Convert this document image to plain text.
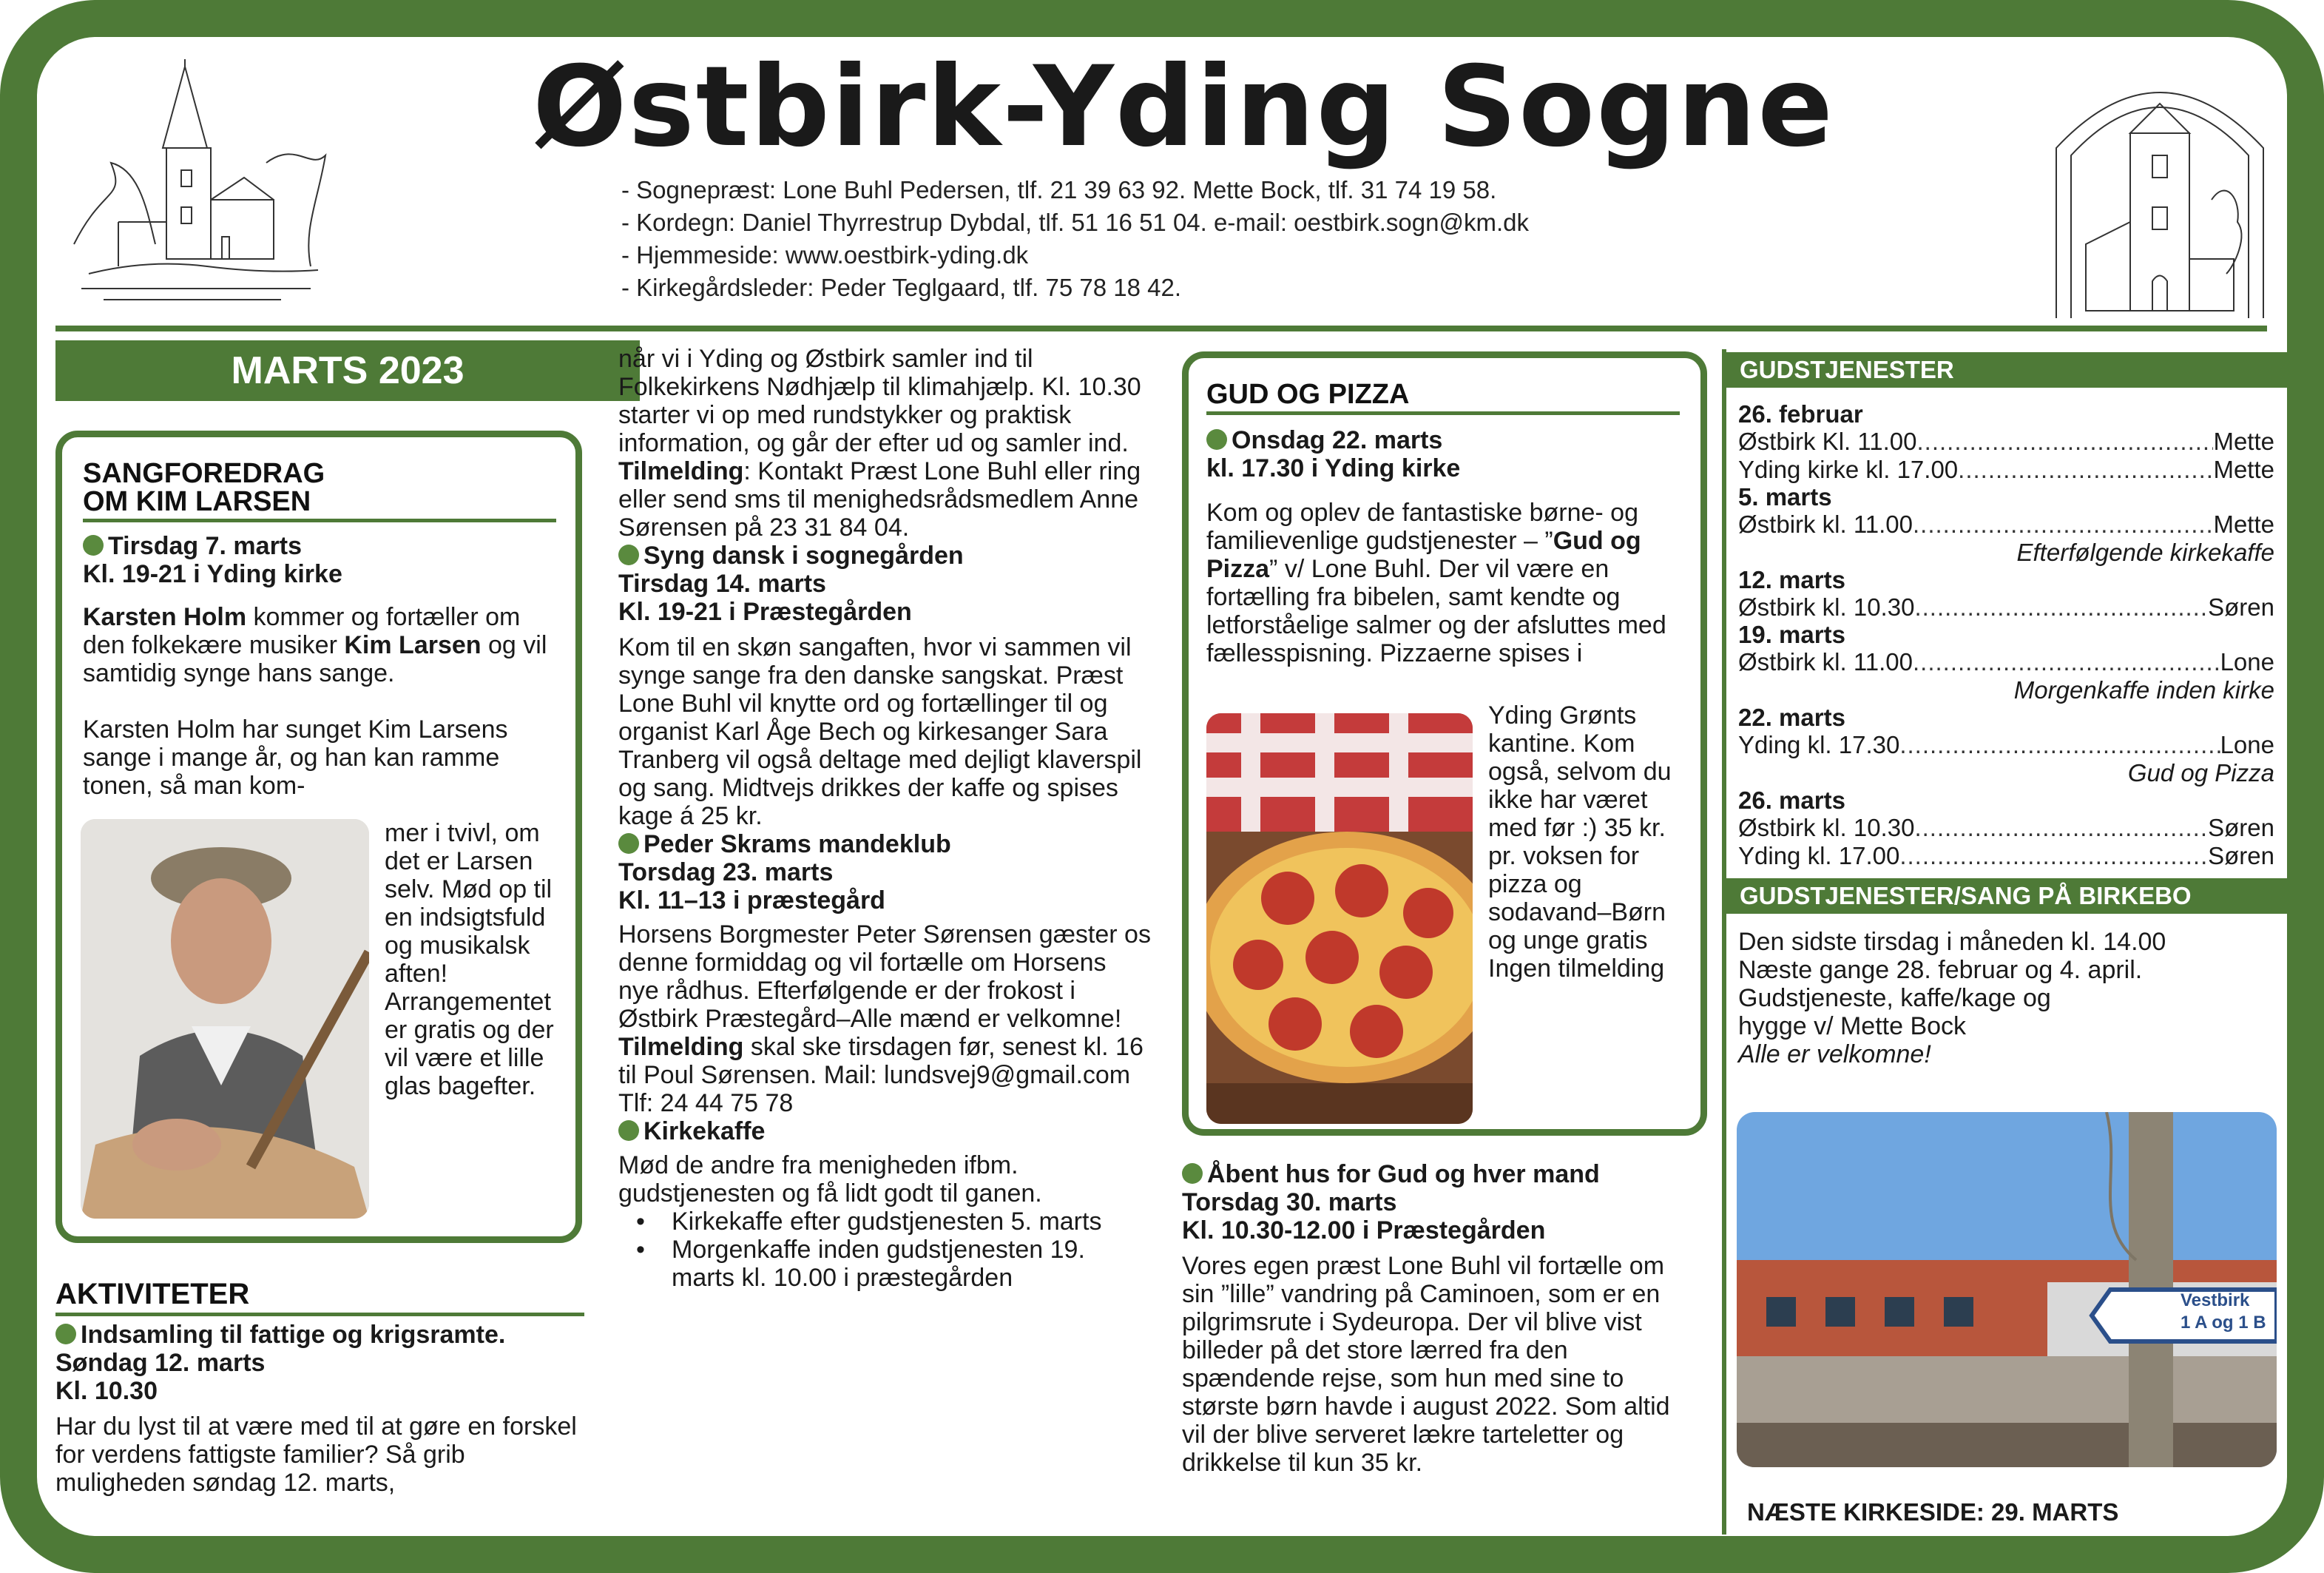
Østbirk-Yding Sogne
- Sognepræst: Lone Buhl Pedersen, tlf. 21 39 63 92. Mette Bock, tlf. 31 74 19 58.
- Kordegn: Daniel Thyrrestrup Dybdal, tlf. 51 16 51 04. e-mail: oestbirk.sogn@km.dk
- Hjemmeside: www.oestbirk-yding.dk
- Kirkegårdsleder: Peder Teglgaard, tlf. 75 78 18 42.
MARTS 2023
SANGFOREDRAG
OM KIM LARSEN
Tirsdag 7. marts
Kl. 19-21 i Yding kirke
Karsten Holm kommer og fortæller om den folkekære musiker Kim Larsen og vil samtidig synge hans sange.
Karsten Holm har sunget Kim Larsens sange i mange år, og han kan ramme tonen, så man kom-
mer i tvivl, om det er Larsen selv. Mød op til en indsigtsfuld og musikalsk aften! Arrangementet er gratis og der vil være et lille glas bagefter.
AKTIVITETER
Indsamling til fattige og krigsramte. Søndag 12. marts
Kl. 10.30
Har du lyst til at være med til at gøre en forskel for verdens fattigste familier? Så grib muligheden søndag 12. marts,

når vi i Yding og Østbirk samler ind til Folkekirkens Nødhjælp til klimahjælp. Kl. 10.30 starter vi op med rundstykker og praktisk information, og går der efter ud og samler ind.

Tilmelding: Kontakt Præst Lone Buhl eller ring eller send sms til menighedsrådsmedlem Anne Sørensen på 23 31 84 04.

Syng dansk i sognegården

Tirsdag 14. marts

Kl. 19-21 i Præstegården

Kom til en skøn sangaften, hvor vi sammen vil synge sange fra den danske sangskat. Præst Lone Buhl vil knytte ord og fortællinger til og organist Karl Åge Bech og kirkesanger Sara Tranberg vil også deltage med dejligt klaverspil og sang. Midtvejs drikkes der kaffe og spises kage á 25 kr.

Peder Skrams mandeklub

Torsdag 23. marts

Kl. 11–13 i præstegård

Horsens Borgmester Peter Sørensen gæster os denne formiddag og vil fortælle om Horsens nye rådhus. Efterfølgende er der frokost i Østbirk Præstegård–Alle mænd er velkomne!

Tilmelding skal ske tirsdagen før, senest kl. 16 til Poul Sørensen. Mail: lundsvej9@gmail.com Tlf: 24 44 75 78

Kirkekaffe

Mød de andre fra menigheden ifbm. gudstjenesten og få lidt godt til ganen.

• Kirkekaffe efter gudstjenesten 5. marts
• Morgenkaffe inden gudstjenesten 19. marts kl. 10.00 i præstegården
GUD OG PIZZA
Onsdag 22. marts
kl. 17.30 i Yding kirke
Kom og oplev de fantastiske børne- og familievenlige gudstjenester – ”Gud og Pizza” v/ Lone Buhl. Der vil være en fortælling fra bibelen, samt kendte og letforståelige salmer og der afsluttes med fællesspisning. Pizzaerne spises i
Yding Grønts kantine. Kom også, selvom du ikke har været med før :) 35 kr. pr. voksen for pizza og sodavand–Børn og unge gratis Ingen tilmelding
Åbent hus for Gud og hver mand
Torsdag 30. marts
Kl. 10.30-12.00 i Præstegården
Vores egen præst Lone Buhl vil fortælle om sin ”lille” vandring på Caminoen, som er en pilgrimsrute i Sydeuropa. Der vil blive vist billeder på det store lærred fra den spændende rejse, som hun med sine to største børn havde i august 2022. Som altid vil der blive serveret lækre tarteletter og drikkelse til kun 35 kr.
GUDSTJENESTER
26. februar
Østbirk Kl. 11.00 .....	Mette
Yding kirke kl. 17.00 .....	Mette
5. marts
Østbirk kl. 11.00 .....	Mette
Efterfølgende kirkekaffe
12. marts
Østbirk kl. 10.30 .....	Søren
19. marts
Østbirk kl. 11.00 .....	Lone
Morgenkaffe inden kirke
22. marts
Yding kl. 17.30 .....	Lone
Gud og Pizza
26. marts
Østbirk kl. 10.30 .....	Søren
Yding kl. 17.00 .....	Søren
GUDSTJENESTER/SANG PÅ BIRKEBO
Den sidste tirsdag i måneden kl. 14.00
Næste gange 28. februar og 4. april.
Gudstjeneste, kaffe/kage og
hygge v/ Mette Bock
Alle er velkomne!
Vestbirk
1 A og 1 B
NÆSTE KIRKESIDE: 29. MARTS
